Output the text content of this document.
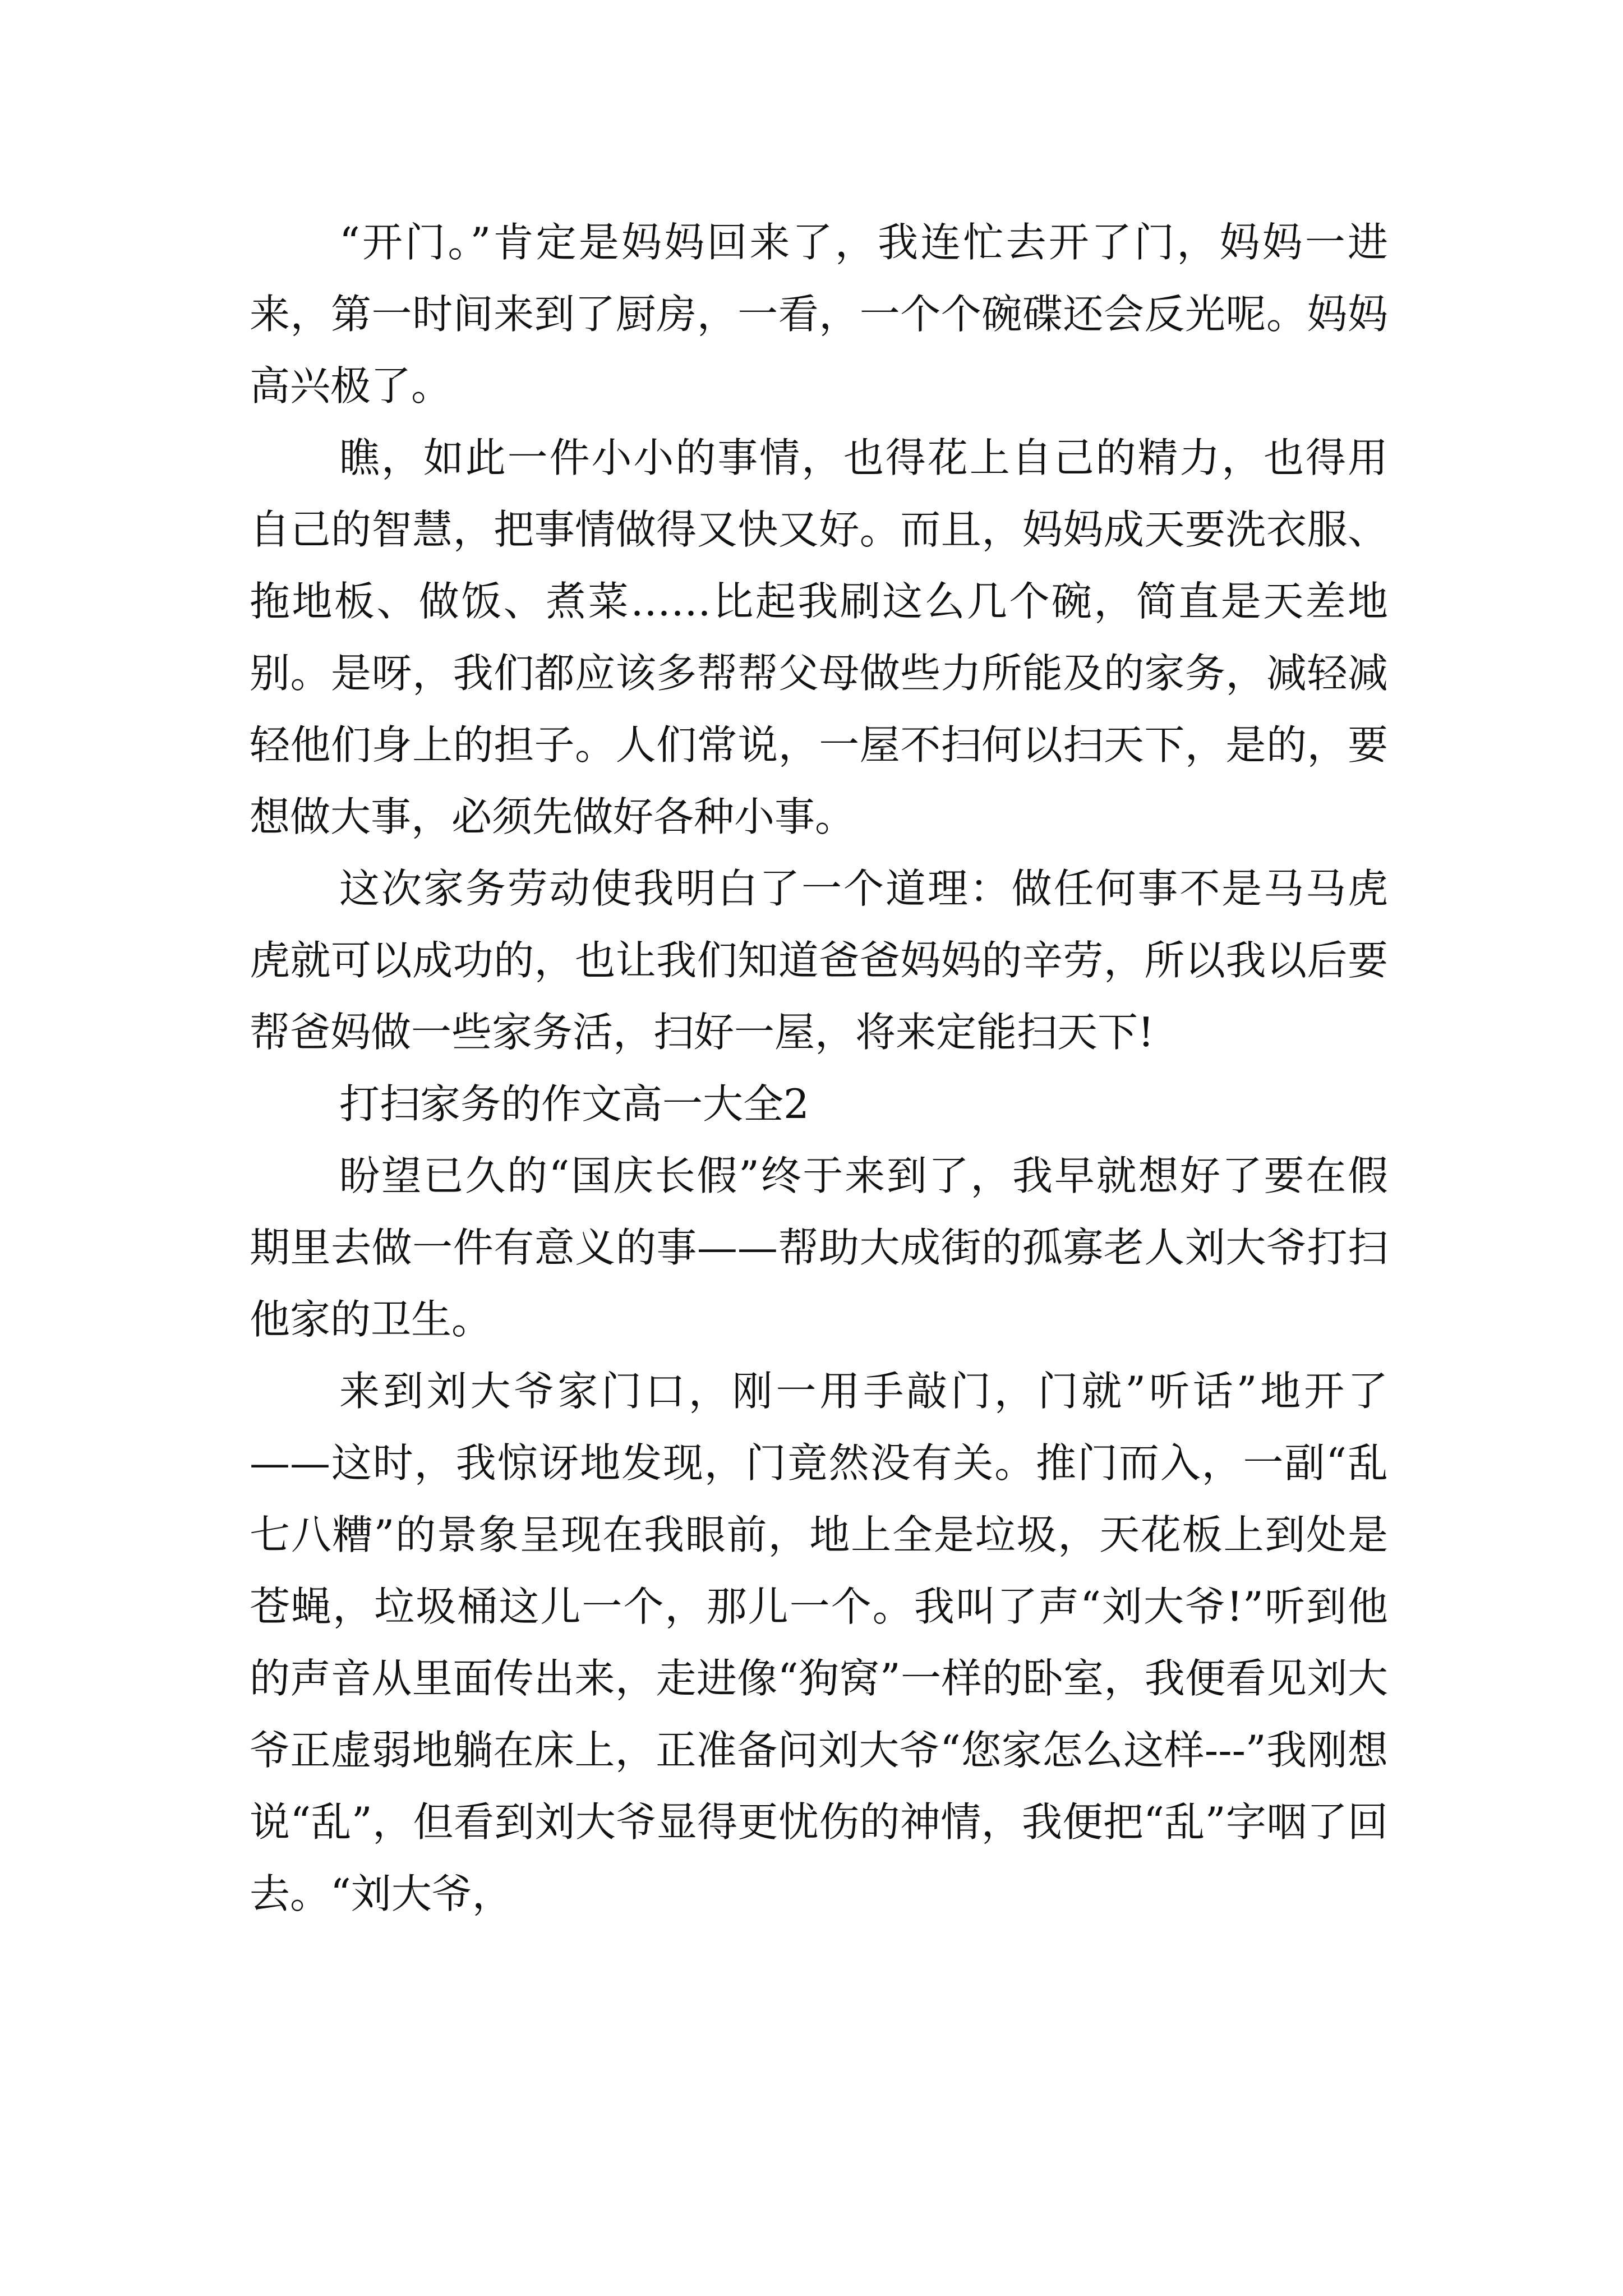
“开门。”肯定是妈妈回来了，我连忙去开了门，妈妈一进来，第一时间来到了厨房，一看，一个个碗碟还会反光呢。妈妈高兴极了。

瞧，如此一件小小的事情，也得花上自己的精力，也得用自己的智慧，把事情做得又快又好。而且，妈妈成天要洗衣服、拖地板、做饭、煮菜……比起我刷这么几个碗，简直是天差地别。是呀，我们都应该多帮帮父母做些力所能及的家务，减轻减轻他们身上的担子。人们常说，一屋不扫何以扫天下，是的，要想做大事，必须先做好各种小事。

这次家务劳动使我明白了一个道理：做任何事不是马马虎虎就可以成功的，也让我们知道爸爸妈妈的辛劳，所以我以后要帮爸妈做一些家务活，扫好一屋，将来定能扫天下!

打扫家务的作文高一大全2

盼望已久的“国庆长假”终于来到了，我早就想好了要在假期里去做一件有意义的事——帮助大成街的孤寡老人刘大爷打扫他家的卫生。

来到刘大爷家门口，刚一用手敲门，门就”听话”地开了——这时，我惊讶地发现，门竟然没有关。推门而入，一副“乱七八糟”的景象呈现在我眼前，地上全是垃圾，天花板上到处是苍蝇，垃圾桶这儿一个，那儿一个。我叫了声“刘大爷!”听到他的声音从里面传出来，走进像“狗窝”一样的卧室，我便看见刘大爷正虚弱地躺在床上，正准备问刘大爷“您家怎么这样---”我刚想说“乱”，但看到刘大爷显得更忧伤的神情，我便把“乱”字咽了回去。“刘大爷，
